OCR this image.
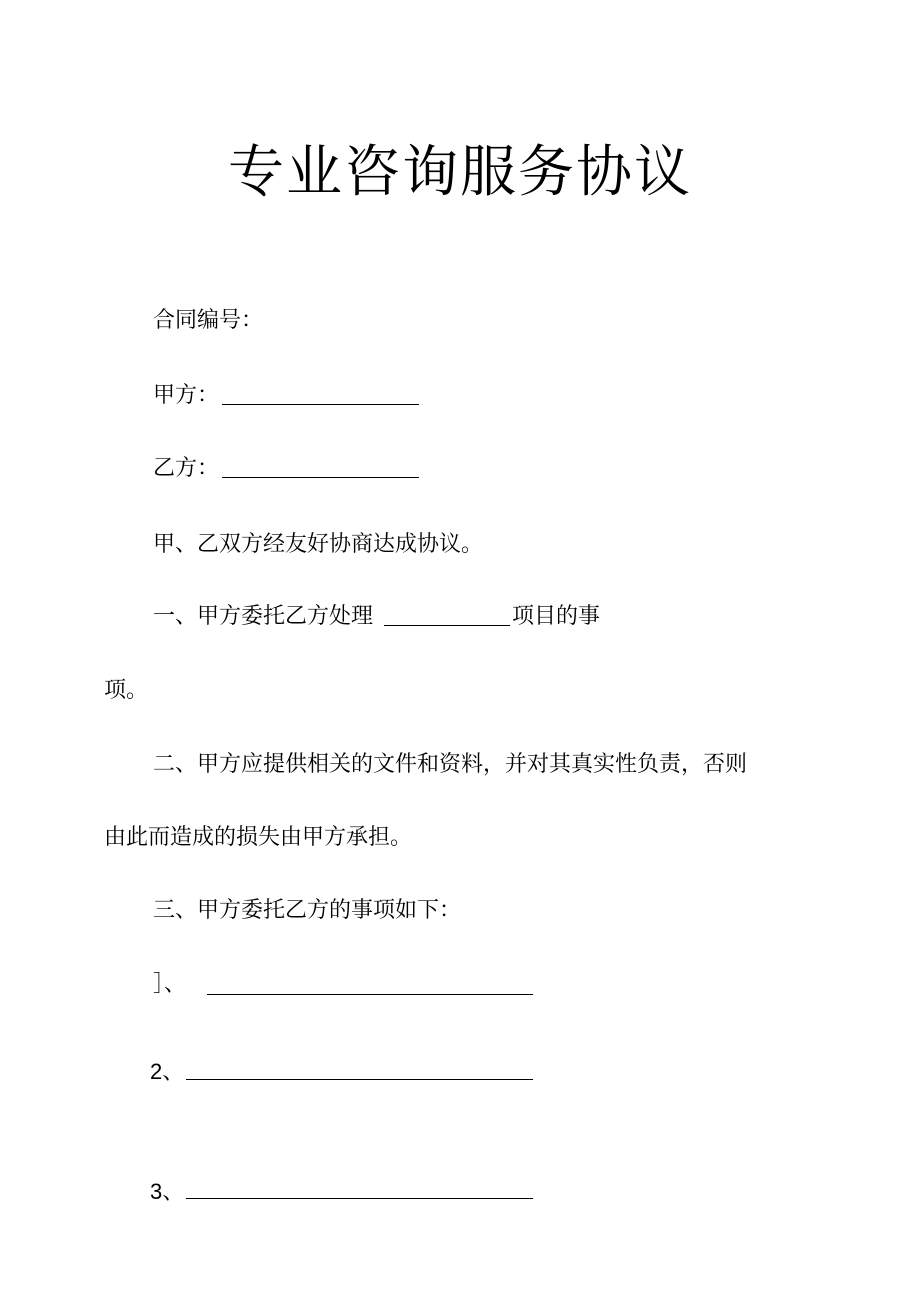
专业咨询服务协议
合同编号：
甲方：
乙方：
甲、乙双方经友好协商达成协议。
一、甲方委托乙方处理	项目的事
项。
二、甲方应提供相关的文件和资料，并对其真实性负责，否则
由此而造成的损失由甲方承担。
三、甲方委托乙方的事项如下：
］、
2、
3、
